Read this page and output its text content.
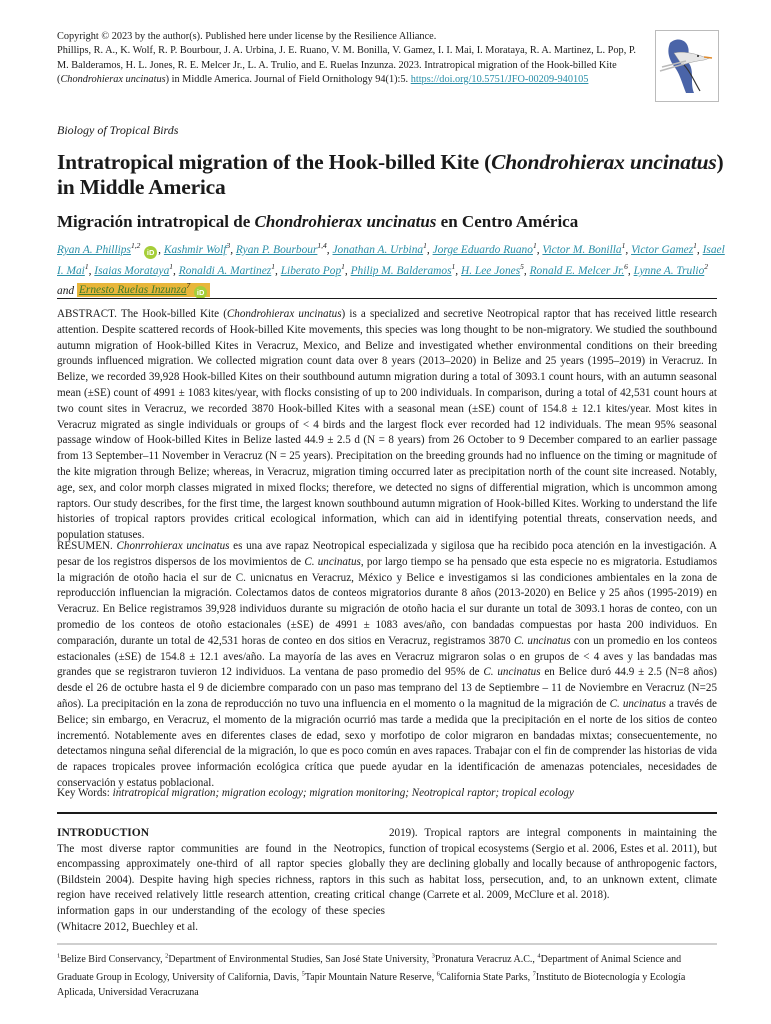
Copyright © 2023 by the author(s). Published here under license by the Resilience Alliance.
Phillips, R. A., K. Wolf, R. P. Bourbour, J. A. Urbina, J. E. Ruano, V. M. Bonilla, V. Gamez, I. I. Mai, I. Morataya, R. A. Martinez, L. Pop, P. M. Balderamos, H. L. Jones, R. E. Melcer Jr., L. A. Trulio, and E. Ruelas Inzunza. 2023. Intratropical migration of the Hook-billed Kite (Chondrohierax uncinatus) in Middle America. Journal of Field Ornithology 94(1):5. https://doi.org/10.5751/JFO-00209-940105
Biology of Tropical Birds
Intratropical migration of the Hook-billed Kite (Chondrohierax uncinatus) in Middle America
Migración intratropical de Chondrohierax uncinatus en Centro América
Ryan A. Phillips$^{1,2}$ iD , Kashmir Wolf$^3$, Ryan P. Bourbour$^{1,4}$, Jonathan A. Urbina$^1$, Jorge Eduardo Ruano$^1$, Victor M. Bonilla$^1$, Victor Gamez$^1$, Isael I. Mai$^1$, Isaias Morataya$^1$, Ronaldi A. Martinez$^1$, Liberato Pop$^1$, Philip M. Balderamos$^1$, H. Lee Jones$^5$, Ronald E. Melcer Jr.$^6$, Lynne A. Trulio$^2$ and Ernesto Ruelas Inzunza$^7$ iD

ABSTRACT. The Hook-billed Kite (Chondrohierax uncinatus) is a specialized and secretive Neotropical raptor that has received little research attention. Despite scattered records of Hook-billed Kite movements, this species was long thought to be non-migratory. We studied the southbound autumn migration of Hook-billed Kites in Veracruz, Mexico, and Belize and investigated whether environmental conditions on their breeding grounds influenced migration. We collected migration count data over 8 years (2013–2020) in Belize and 25 years (1995–2019) in Veracruz. In Belize, we recorded 39,928 Hook-billed Kites on their southbound autumn migration during a total of 3093.1 count hours, with an autumn seasonal mean (±SE) count of 4991 ± 1083 kites/year, with flocks consisting of up to 200 individuals. In comparison, during a total of 42,531 count hours at two count sites in Veracruz, we recorded 3870 Hook-billed Kites with a seasonal mean (±SE) count of 154.8 ± 12.1 kites/year. Most kites in Veracruz migrated as single individuals or groups of < 4 birds and the largest flock ever recorded had 12 individuals. The mean 95% seasonal passage window of Hook-billed Kites in Belize lasted 44.9 ± 2.5 d (N = 8 years) from 26 October to 9 December compared to an earlier passage from 13 September–11 November in Veracruz (N = 25 years). Precipitation on the breeding grounds had no influence on the timing or magnitude of the kite migration through Belize; whereas, in Veracruz, migration timing occurred later as precipitation north of the count site increased. Notably, age, sex, and color morph classes migrated in mixed flocks; therefore, we detected no signs of differential migration, which is uncommon among raptors. Our study describes, for the first time, the largest known southbound autumn migration of Hook-billed Kites. Working to understand the life histories of tropical raptors provides critical ecological information, which can aid in identifying potential threats, conservation needs, and population statuses.

RESUMEN. Chonrrohierax uncinatus es una ave rapaz Neotropical especializada y sigilosa que ha recibido poca atención en la investigación. A pesar de los registros dispersos de los movimientos de C. uncinatus, por largo tiempo se ha pensado que esta especie no es migratoria. Estudiamos la migración de otoño hacia el sur de C. unicnatus en Veracruz, México y Belice e investigamos si las condiciones ambientales en la zona de reproducción influencian la migración. Colectamos datos de conteos migratorios durante 8 años (2013-2020) en Belice y 25 años (1995-2019) en Veracruz. En Belice registramos 39,928 individuos durante su migración de otoño hacia el sur durante un total de 3093.1 horas de conteo, con un promedio de los conteos de otoño estacionales (±SE) de 4991 ± 1083 aves/año, con bandadas compuestas por hasta 200 individuos. En comparación, durante un total de 42,531 horas de conteo en dos sitios en Veracruz, registramos 3870 C. uncinatus con un promedio en los conteos estacionales (±SE) de 154.8 ± 12.1 aves/año. La mayoría de las aves en Veracruz migraron solas o en grupos de < 4 aves y las bandadas mas grandes que se registraron tuvieron 12 individuos. La ventana de paso promedio del 95% de C. uncinatus en Belice duró 44.9 ± 2.5 (N=8 años) desde el 26 de octubre hasta el 9 de diciembre comparado con un paso mas temprano del 13 de Septiembre – 11 de Noviembre en Veracruz (N=25 años). La precipitación en la zona de reproducción no tuvo una influencia en el momento o la magnitud de la migración de C. uncinatus a través de Belice; sin embargo, en Veracruz, el momento de la migración ocurrió mas tarde a medida que la precipitación en el norte de los sitios de conteo incrementó. Notablemente aves en diferentes clases de edad, sexo y morfotipo de color migraron en bandadas mixtas; consecuentemente, no detectamos ninguna señal diferencial de la migración, lo que es poco común en aves rapaces. Trabajar con el fin de comprender las historias de vida de rapaces tropicales provee información ecológica crítica que puede ayudar en la identificación de amenazas potenciales, necesidades de conservación y estatus poblacional.

Key Words: intratropical migration; migration ecology; migration monitoring; Neotropical raptor; tropical ecology

INTRODUCTION
The most diverse raptor communities are found in the Neotropics, encompassing approximately one-third of all raptor species globally (Bildstein 2004). Despite having high species richness, raptors in this region have received relatively little research attention, creating critical information gaps in our understanding of the ecology of these species (Whitacre 2012, Buechley et al.

2019). Tropical raptors are integral components in maintaining the function of tropical ecosystems (Sergio et al. 2006, Estes et al. 2011), but they are declining globally and locally because of anthropogenic factors, such as habitat loss, persecution, and, to an unknown extent, climate change (Carrete et al. 2009, McClure et al. 2018).

$^1$Belize Bird Conservancy, $^2$Department of Environmental Studies, San José State University, $^3$Pronatura Veracruz A.C., $^4$Department of Animal Science and Graduate Group in Ecology, University of California, Davis, $^5$Tapir Mountain Nature Reserve, $^6$California State Parks, $^7$Instituto de Biotecnología y Ecología Aplicada, Universidad Veracruzana
